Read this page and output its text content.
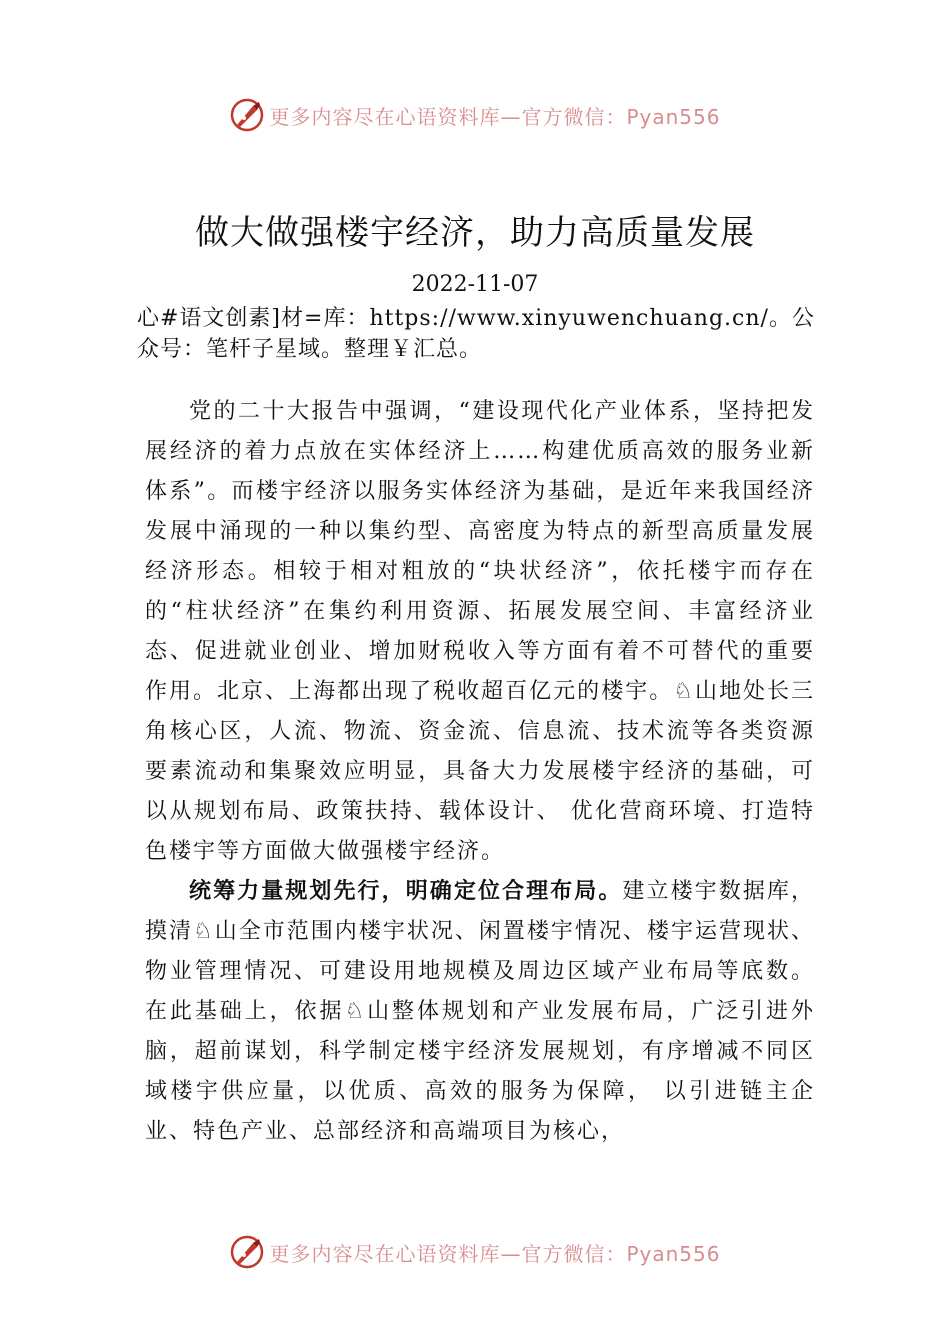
更多内容尽在心语资料库—官方微信：Pyan556
做大做强楼宇经济，助力高质量发展
2022-11-07
心#语文创素]材=库：https://www.xinyuwenchuang.cn/。公众号：笔杆子星域。整理￥汇总。

党的二十大报告中强调，“建设现代化产业体系，坚持把发展经济的着力点放在实体经济上……构建优质高效的服务业新体系”。而楼宇经济以服务实体经济为基础，是近年来我国经济发展中涌现的一种以集约型、高密度为特点的新型高质量发展经济形态。相较于相对粗放的“块状经济”，依托楼宇而存在的“柱状经济”在集约利用资源、拓展发展空间、丰富经济业态、促进就业创业、增加财税收入等方面有着不可替代的重要作用。北京、上海都出现了税收超百亿元的楼宇。♘山地处长三角核心区，人流、物流、资金流、信息流、技术流等各类资源要素流动和集聚效应明显，具备大力发展楼宇经济的基础，可以从规划布局、政策扶持、载体设计、 优化营商环境、打造特色楼宇等方面做大做强楼宇经济。

统筹力量规划先行，明确定位合理布局。建立楼宇数据库，摸清♘山全市范围内楼宇状况、闲置楼宇情况、楼宇运营现状、物业管理情况、可建设用地规模及周边区域产业布局等底数。在此基础上，依据♘山整体规划和产业发展布局，广泛引进外脑，超前谋划，科学制定楼宇经济发展规划，有序增减不同区域楼宇供应量，以优质、高效的服务为保障， 以引进链主企业、特色产业、总部经济和高端项目为核心，

更多内容尽在心语资料库—官方微信：Pyan556
